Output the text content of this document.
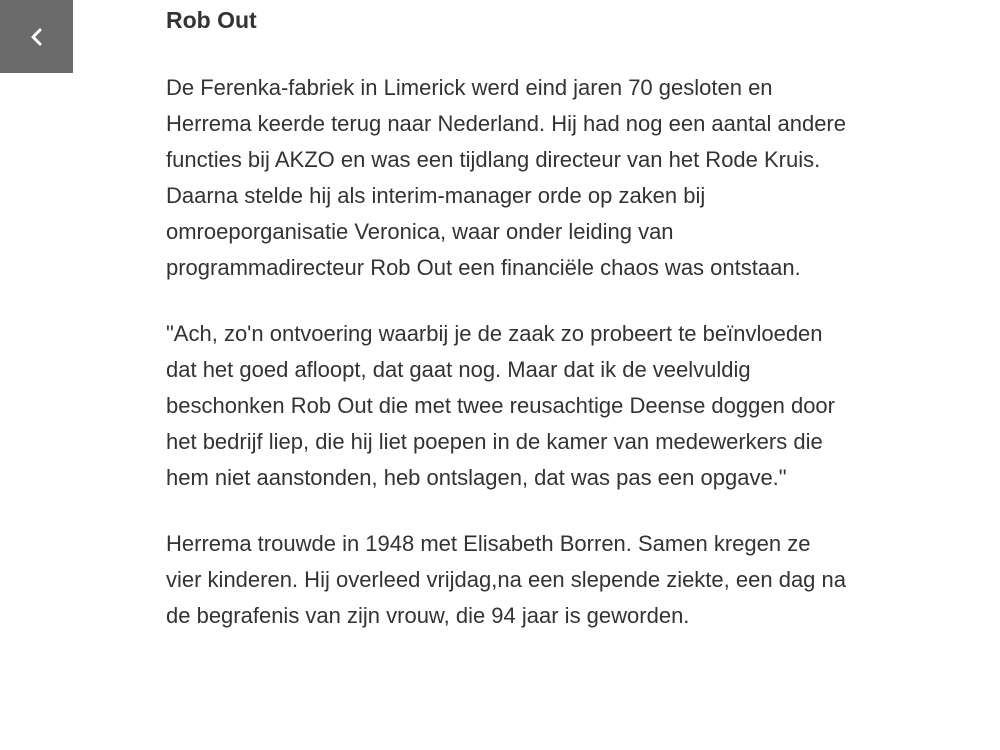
Rob Out

De Ferenka-fabriek in Limerick werd eind jaren 70 gesloten en Herrema keerde terug naar Nederland. Hij had nog een aantal andere functies bij AKZO en was een tijdlang directeur van het Rode Kruis. Daarna stelde hij als interim-manager orde op zaken bij omroeporganisatie Veronica, waar onder leiding van programmadirecteur Rob Out een financiële chaos was ontstaan.

"Ach, zo'n ontvoering waarbij je de zaak zo probeert te beïnvloeden dat het goed afloopt, dat gaat nog. Maar dat ik de veelvuldig beschonken Rob Out die met twee reusachtige Deense doggen door het bedrijf liep, die hij liet poepen in de kamer van medewerkers die hem niet aanstonden, heb ontslagen, dat was pas een opgave."

Herrema trouwde in 1948 met Elisabeth Borren. Samen kregen ze vier kinderen. Hij overleed vrijdag,na een slepende ziekte, een dag na de begrafenis van zijn vrouw, die 94 jaar is geworden.
